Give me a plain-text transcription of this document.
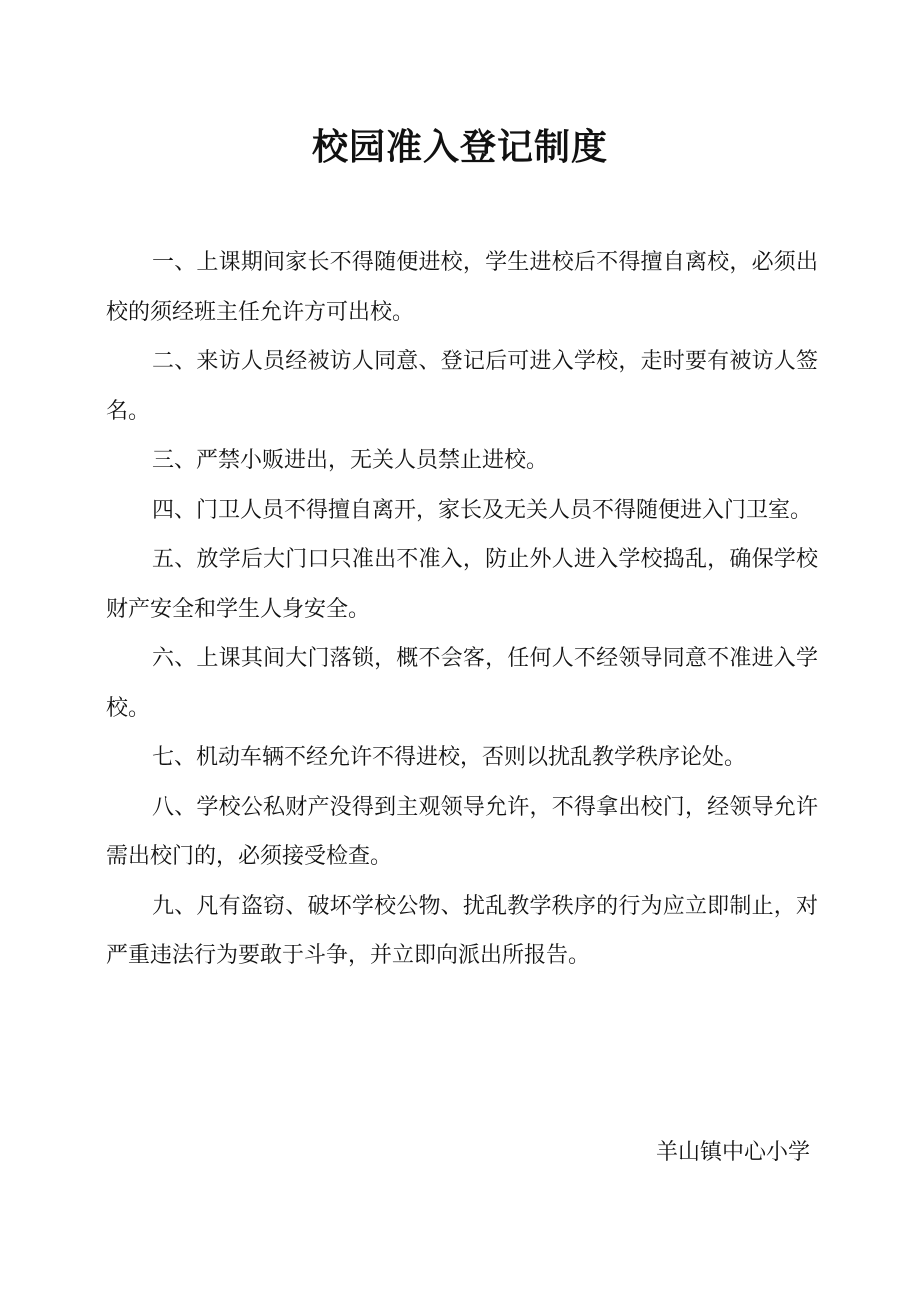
校园准入登记制度

一、上课期间家长不得随便进校，学生进校后不得擅自离校，必须出校的须经班主任允许方可出校。

二、来访人员经被访人同意、登记后可进入学校，走时要有被访人签名。

三、严禁小贩进出，无关人员禁止进校。

四、门卫人员不得擅自离开，家长及无关人员不得随便进入门卫室。

五、放学后大门口只准出不准入，防止外人进入学校捣乱，确保学校财产安全和学生人身安全。

六、上课其间大门落锁，概不会客，任何人不经领导同意不准进入学校。

七、机动车辆不经允许不得进校，否则以扰乱教学秩序论处。

八、学校公私财产没得到主观领导允许，不得拿出校门，经领导允许需出校门的，必须接受检查。

九、凡有盗窃、破坏学校公物、扰乱教学秩序的行为应立即制止，对严重违法行为要敢于斗争，并立即向派出所报告。

羊山镇中心小学
